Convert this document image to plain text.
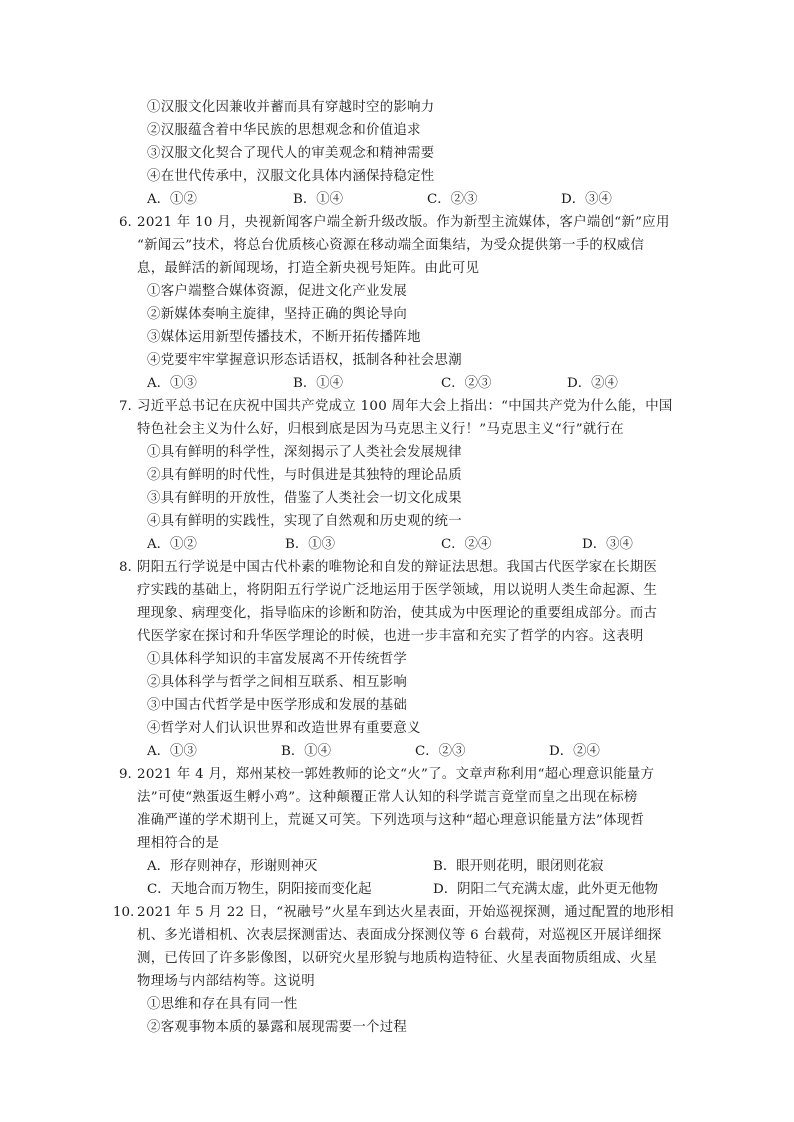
①汉服文化因兼收并蓄而具有穿越时空的影响力
②汉服蕴含着中华民族的思想观念和价值追求
③汉服文化契合了现代人的审美观念和精神需要
④在世代传承中，汉服文化具体内涵保持稳定性
A．①②	B．①④	C．②③	D．③④
6. 2021 年 10 月，央视新闻客户端全新升级改版。作为新型主流媒体，客户端创“新”应用
“新闻云”技术，将总台优质核心资源在移动端全面集结，为受众提供第一手的权威信
息，最鲜活的新闻现场，打造全新央视号矩阵。由此可见
①客户端整合媒体资源，促进文化产业发展
②新媒体奏响主旋律，坚持正确的舆论导向
③媒体运用新型传播技术，不断开拓传播阵地
④党要牢牢掌握意识形态话语权，抵制各种社会思潮
A．①③	B．①④	C．②③	D．②④
7. 习近平总书记在庆祝中国共产党成立 100 周年大会上指出：“中国共产党为什么能，中国
特色社会主义为什么好，归根到底是因为马克思主义行！”马克思主义“行”就行在
①具有鲜明的科学性，深刻揭示了人类社会发展规律
②具有鲜明的时代性，与时俱进是其独特的理论品质
③具有鲜明的开放性，借鉴了人类社会一切文化成果
④具有鲜明的实践性，实现了自然观和历史观的统一
A．①②	B．①③	C．②④	D．③④
8. 阴阳五行学说是中国古代朴素的唯物论和自发的辩证法思想。我国古代医学家在长期医
疗实践的基础上，将阴阳五行学说广泛地运用于医学领域，用以说明人类生命起源、生
理现象、病理变化，指导临床的诊断和防治，使其成为中医理论的重要组成部分。而古
代医学家在探讨和升华医学理论的时候，也进一步丰富和充实了哲学的内容。这表明
①具体科学知识的丰富发展离不开传统哲学
②具体科学与哲学之间相互联系、相互影响
③中国古代哲学是中医学形成和发展的基础
④哲学对人们认识世界和改造世界有重要意义
A．①③	B．①④	C．②③	D．②④
9. 2021 年 4 月，郑州某校一郭姓教师的论文“火”了。文章声称利用“超心理意识能量方
法”可使“熟蛋返生孵小鸡”。这种颠覆正常人认知的科学谎言竟堂而皇之出现在标榜
准确严谨的学术期刊上，荒诞又可笑。下列选项与这种“超心理意识能量方法”体现哲
理相符合的是
A．形存则神存，形谢则神灭	B．眼开则花明，眼闭则花寂
C．天地合而万物生，阴阳接而变化起	D．阴阳二气充满太虚，此外更无他物
10. 2021 年 5 月 22 日，“祝融号”火星车到达火星表面，开始巡视探测，通过配置的地形相
机、多光谱相机、次表层探测雷达、表面成分探测仪等 6 台载荷，对巡视区开展详细探
测，已传回了许多影像图，以研究火星形貌与地质构造特征、火星表面物质组成、火星
物理场与内部结构等。这说明
①思维和存在具有同一性
②客观事物本质的暴露和展现需要一个过程
